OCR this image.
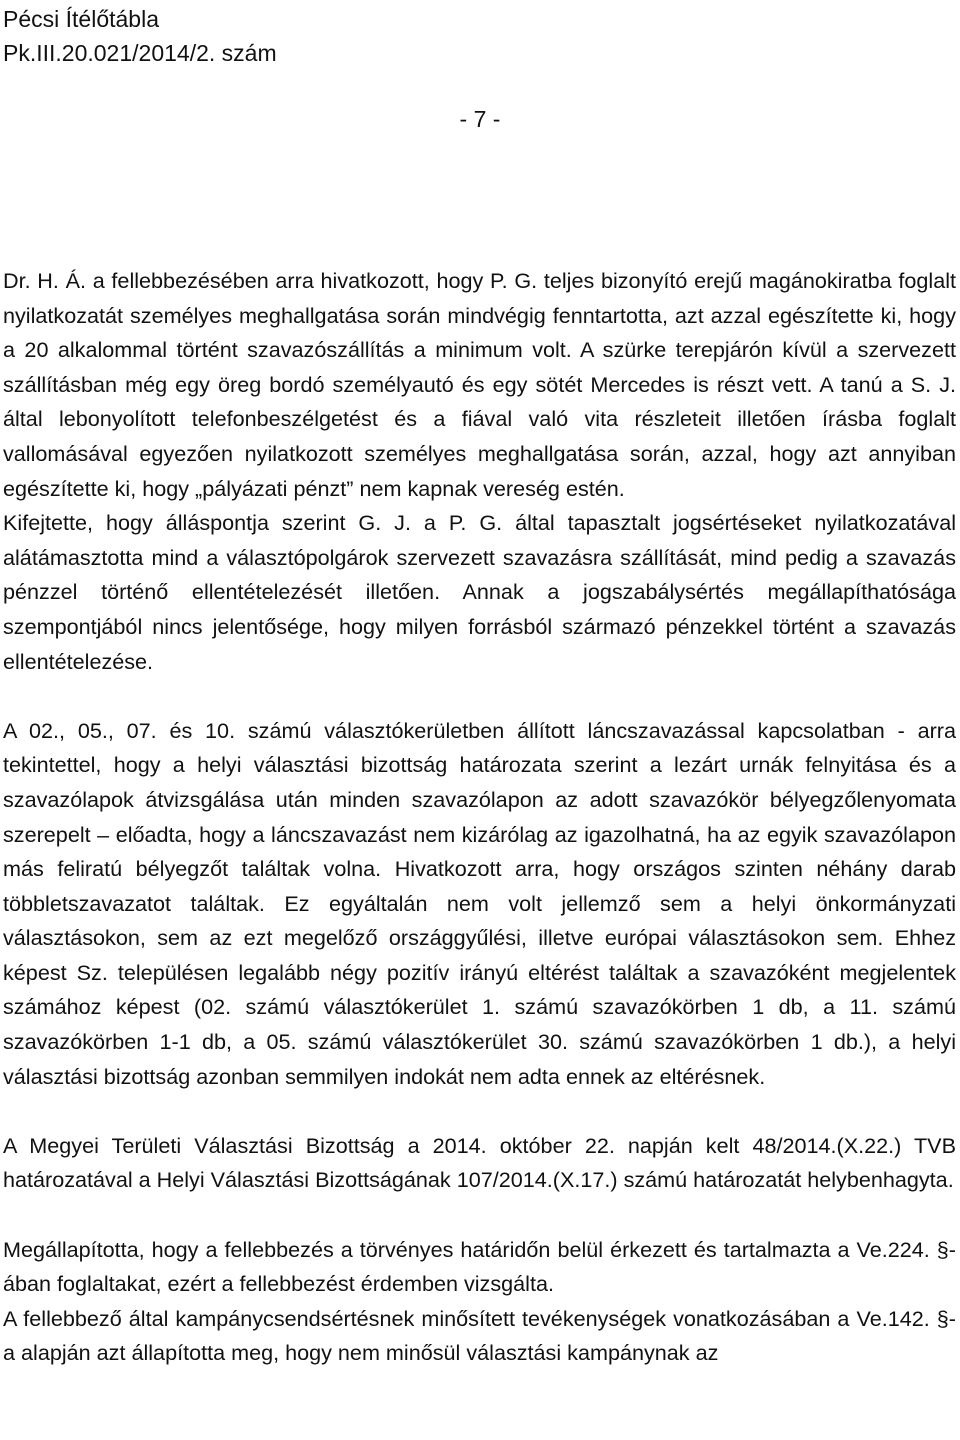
Pécsi Ítélőtábla
Pk.III.20.021/2014/2. szám
- 7 -

Dr. H. Á. a fellebbezésében arra hivatkozott, hogy P. G. teljes bizonyító erejű magánokiratba foglalt nyilatkozatát személyes meghallgatása során mindvégig fenntartotta, azt azzal egészítette ki, hogy a 20 alkalommal történt szavazószállítás a minimum volt. A szürke terepjárón kívül a szervezett szállításban még egy öreg bordó személyautó és egy sötét Mercedes is részt vett. A tanú a S. J. által lebonyolított telefonbeszélgetést és a fiával való vita részleteit illetően írásba foglalt vallomásával egyezően nyilatkozott személyes meghallgatása során, azzal, hogy azt annyiban egészítette ki, hogy „pályázati pénzt” nem kapnak vereség estén.

Kifejtette, hogy álláspontja szerint G. J. a P. G. által tapasztalt jogsértéseket nyilatkozatával alátámasztotta mind a választópolgárok szervezett szavazásra szállítását, mind pedig a szavazás pénzzel történő ellentételezését illetően. Annak a jogszabálysértés megállapíthatósága szempontjából nincs jelentősége, hogy milyen forrásból származó pénzekkel történt a szavazás ellentételezése.

A 02., 05., 07. és 10. számú választókerületben állított láncszavazással kapcsolatban - arra tekintettel, hogy a helyi választási bizottság határozata szerint a lezárt urnák felnyitása és a szavazólapok átvizsgálása után minden szavazólapon az adott szavazókör bélyegzőlenyomata szerepelt – előadta, hogy a láncszavazást nem kizárólag az igazolhatná, ha az egyik szavazólapon más feliratú bélyegzőt találtak volna. Hivatkozott arra, hogy országos szinten néhány darab többletszavazatot találtak. Ez egyáltalán nem volt jellemző sem a helyi önkormányzati választásokon, sem az ezt megelőző országgyűlési, illetve európai választásokon sem. Ehhez képest Sz. településen legalább négy pozitív irányú eltérést találtak a szavazóként megjelentek számához képest (02. számú választókerület 1. számú szavazókörben 1 db, a 11. számú szavazókörben 1-1 db, a 05. számú választókerület 30. számú szavazókörben 1 db.), a helyi választási bizottság azonban semmilyen indokát nem adta ennek az eltérésnek.

A Megyei Területi Választási Bizottság a 2014. október 22. napján kelt 48/2014.(X.22.) TVB határozatával a Helyi Választási Bizottságának 107/2014.(X.17.) számú határozatát helybenhagyta.

Megállapította, hogy a fellebbezés a törvényes határidőn belül érkezett és tartalmazta a Ve.224. §-ában foglaltakat, ezért a fellebbezést érdemben vizsgálta.

A fellebbező által kampánycsendsértésnek minősített tevékenységek vonatkozásában a Ve.142. §-a alapján azt állapította meg, hogy nem minősül választási kampánynak az
